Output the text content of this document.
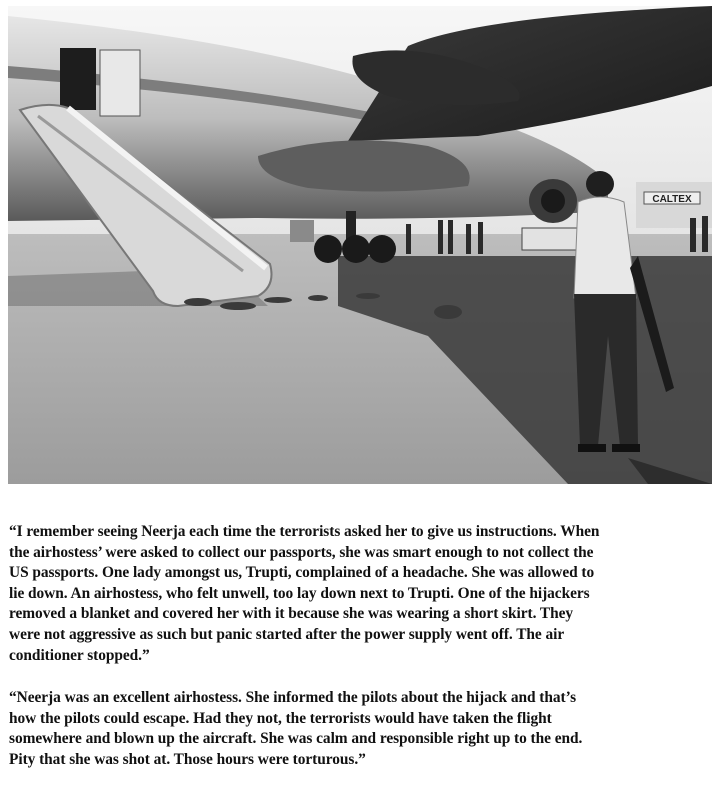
CALTEX

“I remember seeing Neerja each time the terrorists asked her to give us instructions. When
the airhostess’ were asked to collect our passports, she was smart enough to not collect the
US passports. One lady amongst us, Trupti, complained of a headache. She was allowed to
lie down. An airhostess, who felt unwell, too lay down next to Trupti. One of the hijackers
removed a blanket and covered her with it because she was wearing a short skirt. They
were not aggressive as such but panic started after the power supply went off. The air
conditioner stopped.”

“Neerja was an excellent airhostess. She informed the pilots about the hijack and that’s
how the pilots could escape. Had they not, the terrorists would have taken the flight
somewhere and blown up the aircraft. She was calm and responsible right up to the end.
Pity that she was shot at. Those hours were torturous.”
